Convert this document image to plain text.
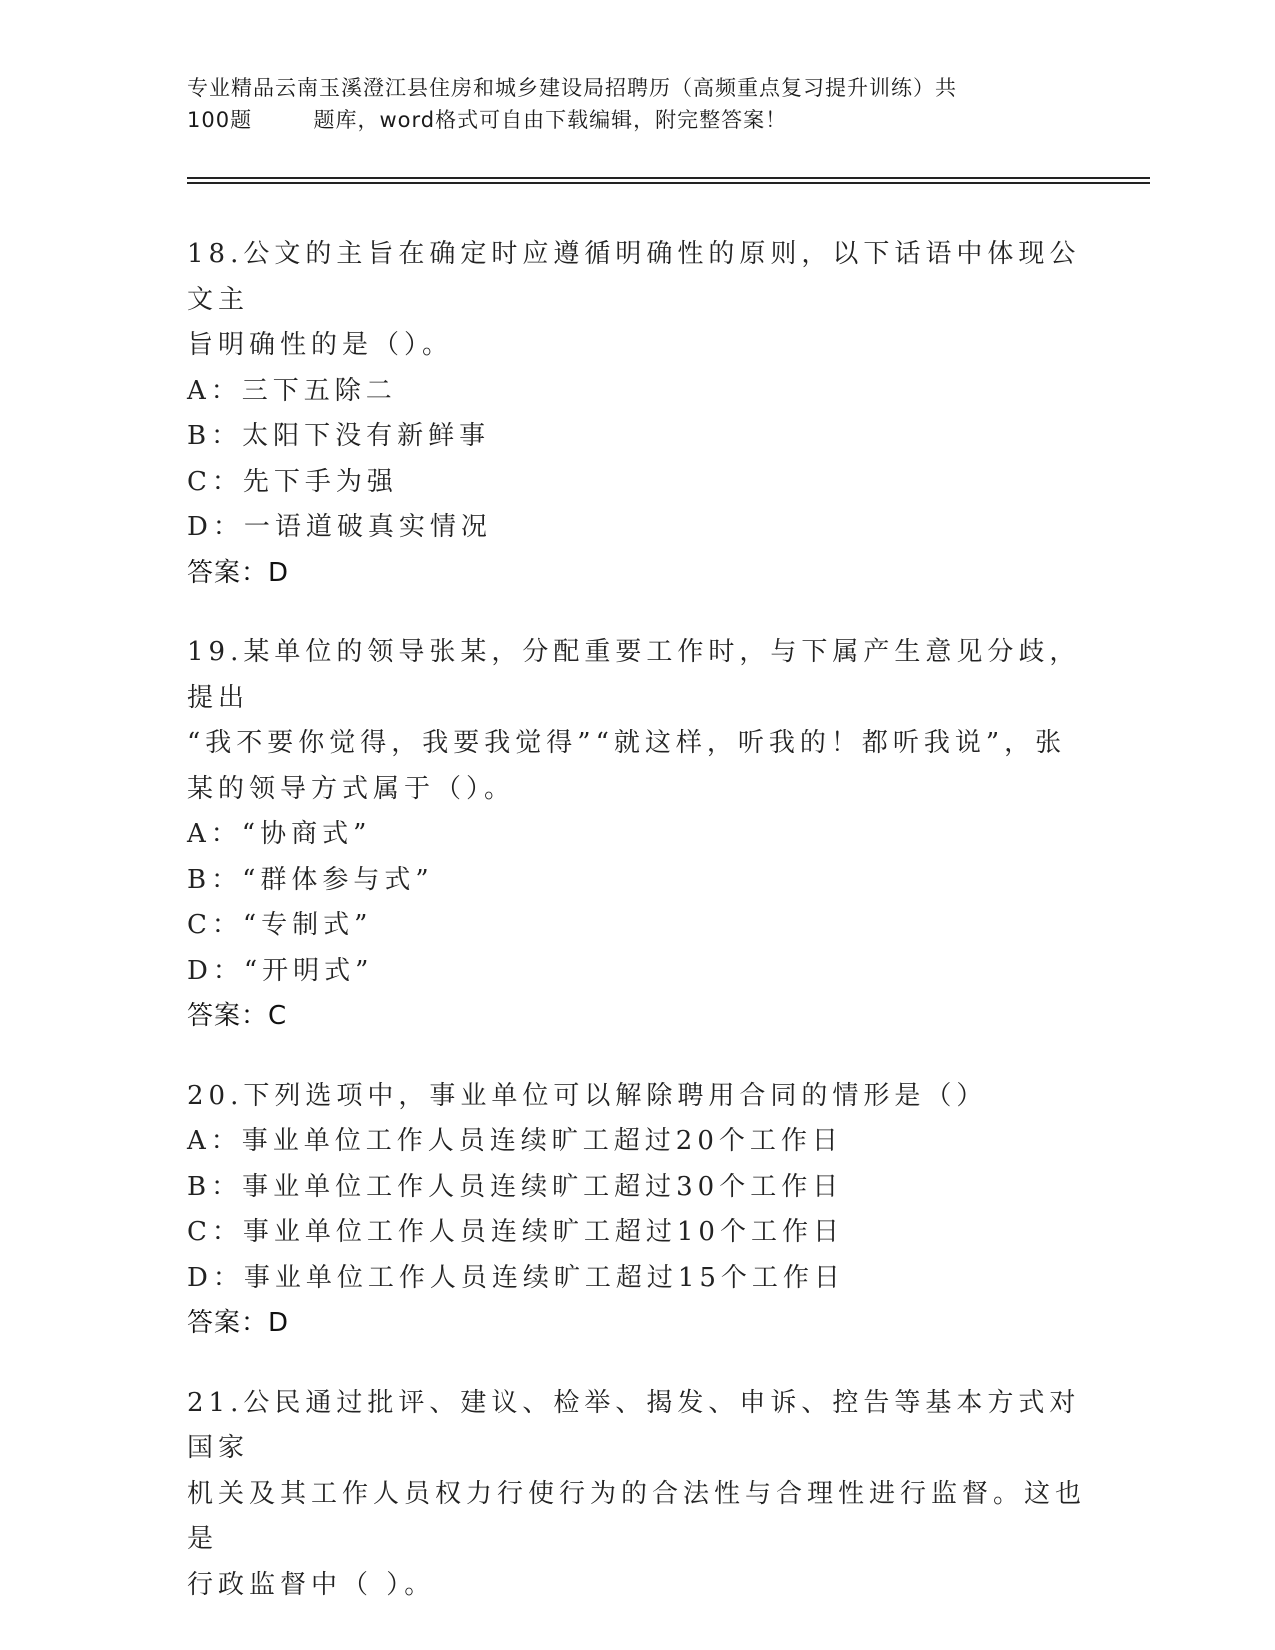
专业精品云南玉溪澄江县住房和城乡建设局招聘历（高频重点复习提升训练）共
100题        题库，word格式可自由下载编辑，附完整答案！
18.公文的主旨在确定时应遵循明确性的原则，以下话语中体现公文主
旨明确性的是（）。
A：三下五除二
B：太阳下没有新鲜事
C：先下手为强
D：一语道破真实情况
答案：D
19.某单位的领导张某，分配重要工作时，与下属产生意见分歧，提出
“我不要你觉得，我要我觉得”“就这样，听我的！都听我说”，张
某的领导方式属于（）。
A：“协商式”
B：“群体参与式”
C：“专制式”
D：“开明式”
答案：C
20.下列选项中，事业单位可以解除聘用合同的情形是（）
A：事业单位工作人员连续旷工超过20个工作日
B：事业单位工作人员连续旷工超过30个工作日
C：事业单位工作人员连续旷工超过10个工作日
D：事业单位工作人员连续旷工超过15个工作日
答案：D
21.公民通过批评、建议、检举、揭发、申诉、控告等基本方式对国家
机关及其工作人员权力行使行为的合法性与合理性进行监督。这也是
行政监督中（ ）。
